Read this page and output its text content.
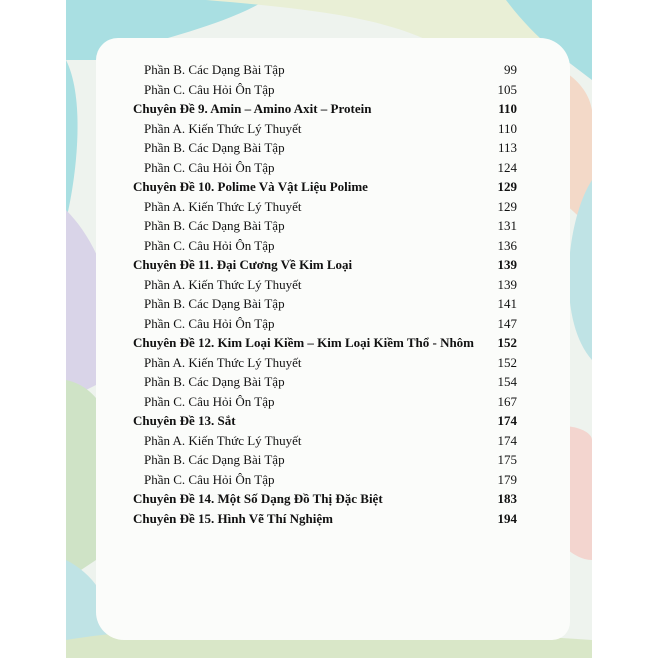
Phần B. Các Dạng Bài Tập	99
Phần C. Câu Hỏi Ôn Tập	105
Chuyên Đề 9. Amin – Amino Axit – Protein	110
Phần A. Kiến Thức Lý Thuyết	110
Phần B. Các Dạng Bài Tập	113
Phần C. Câu Hỏi Ôn Tập	124
Chuyên Đề 10. Polime Và Vật Liệu Polime	129
Phần A. Kiến Thức Lý Thuyết	129
Phần B. Các Dạng Bài Tập	131
Phần C. Câu Hỏi Ôn Tập	136
Chuyên Đề 11. Đại Cương Về Kim Loại	139
Phần A. Kiến Thức Lý Thuyết	139
Phần B. Các Dạng Bài Tập	141
Phần C. Câu Hỏi Ôn Tập	147
Chuyên Đề 12. Kim Loại Kiềm – Kim Loại Kiềm Thổ - Nhôm 152
Phần A. Kiến Thức Lý Thuyết	152
Phần B. Các Dạng Bài Tập	154
Phần C. Câu Hỏi Ôn Tập	167
Chuyên Đề 13. Sắt	174
Phần A. Kiến Thức Lý Thuyết	174
Phần B. Các Dạng Bài Tập	175
Phần C. Câu Hỏi Ôn Tập	179
Chuyên Đề 14. Một Số Dạng Đồ Thị Đặc Biệt	183
Chuyên Đề 15. Hình Vẽ Thí Nghiệm	194
